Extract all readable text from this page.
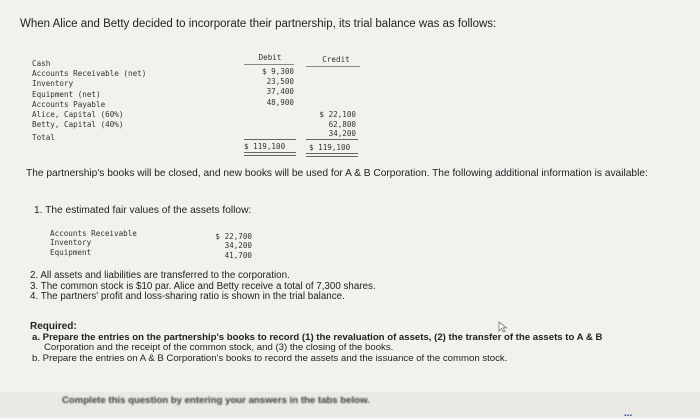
When Alice and Betty decided to incorporate their partnership, its trial balance was as follows:
Debit	Credit
Cash
Accounts Receivable (net)
Inventory
Equipment (net)
Accounts Payable
Alice, Capital (60%)
Betty, Capital (40%)
Total
$ 9,300
23,500
37,400
48,900
$ 22,100
62,800
34,200
$ 119,100	$ 119,100
The partnership's books will be closed, and new books will be used for A & B Corporation. The following additional information is available:
1. The estimated fair values of the assets follow:
Accounts Receivable
Inventory
Equipment
$ 22,700
34,200
41,700
2. All assets and liabilities are transferred to the corporation.
3. The common stock is $10 par. Alice and Betty receive a total of 7,300 shares.
4. The partners' profit and loss-sharing ratio is shown in the trial balance.
Required:
a. Prepare the entries on the partnership's books to record (1) the revaluation of assets, (2) the transfer of the assets to A & B
Corporation and the receipt of the common stock, and (3) the closing of the books.
b. Prepare the entries on A & B Corporation's books to record the assets and the issuance of the common stock.
Complete this question by entering your answers in the tabs below.
...
